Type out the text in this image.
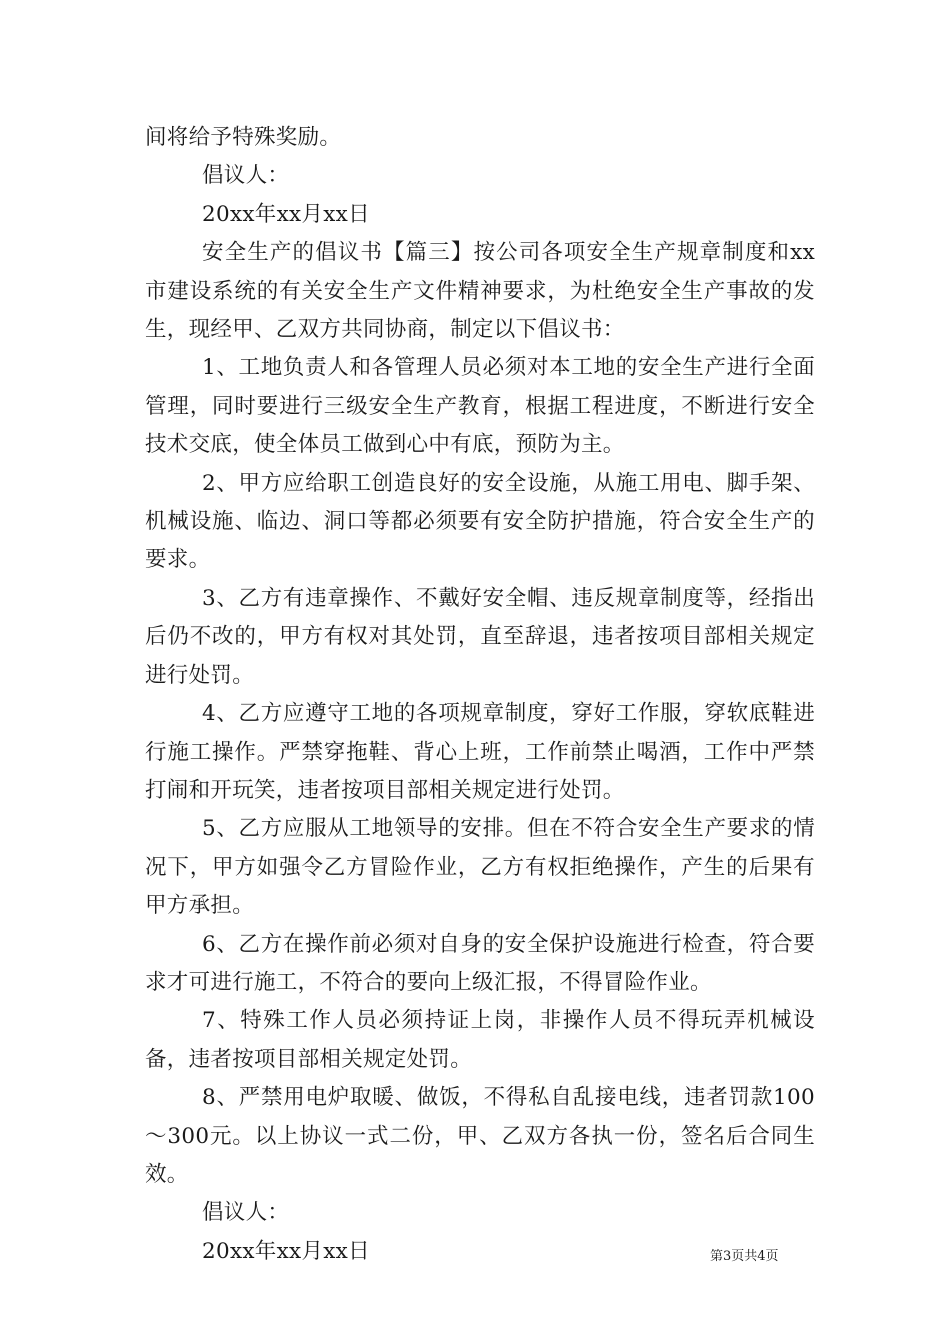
间将给予特殊奖励。

倡议人：

20xx年xx月xx日

安全生产的倡议书【篇三】按公司各项安全生产规章制度和xx市建设系统的有关安全生产文件精神要求，为杜绝安全生产事故的发生，现经甲、乙双方共同协商，制定以下倡议书：

1、工地负责人和各管理人员必须对本工地的安全生产进行全面管理，同时要进行三级安全生产教育，根据工程进度，不断进行安全技术交底，使全体员工做到心中有底，预防为主。

2、甲方应给职工创造良好的安全设施，从施工用电、脚手架、机械设施、临边、洞口等都必须要有安全防护措施，符合安全生产的要求。

3、乙方有违章操作、不戴好安全帽、违反规章制度等，经指出后仍不改的，甲方有权对其处罚，直至辞退，违者按项目部相关规定进行处罚。

4、乙方应遵守工地的各项规章制度，穿好工作服，穿软底鞋进行施工操作。严禁穿拖鞋、背心上班，工作前禁止喝酒，工作中严禁打闹和开玩笑，违者按项目部相关规定进行处罚。

5、乙方应服从工地领导的安排。但在不符合安全生产要求的情况下，甲方如强令乙方冒险作业，乙方有权拒绝操作，产生的后果有甲方承担。

6、乙方在操作前必须对自身的安全保护设施进行检查，符合要求才可进行施工，不符合的要向上级汇报，不得冒险作业。

7、特殊工作人员必须持证上岗，非操作人员不得玩弄机械设备，违者按项目部相关规定处罚。

8、严禁用电炉取暖、做饭，不得私自乱接电线，违者罚款100～300元。以上协议一式二份，甲、乙双方各执一份，签名后合同生效。

倡议人：

20xx年xx月xx日	第3页共4页
